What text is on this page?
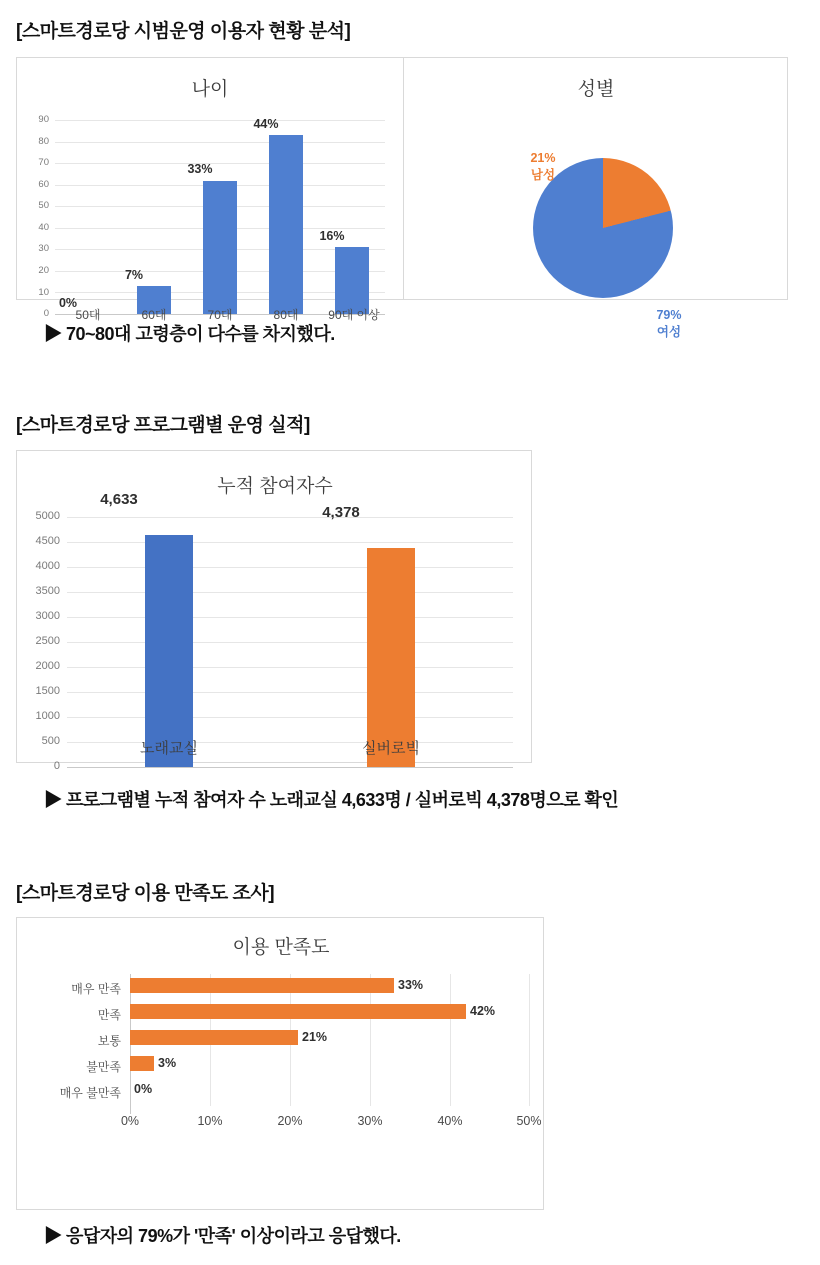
[스마트경로당 시범운영 이용자 현황 분석]
나이
90
80
70
60
50
40
30
20
10
0
0%
7%
33%
44%
16%
50대	60대	70대	80대	90대 이상
성별
21%
남성
79%
여성
▶ 70~80대 고령층이 다수를 차지했다.
[스마트경로당 프로그램별 운영 실적]
누적 참여자수
5000
4500
4000
3500
3000
2500
2000
1500
1000
500
0
4,633
4,378
노래교실	실버로빅
▶ 프로그램별 누적 참여자 수 노래교실 4,633명 / 실버로빅 4,378명으로 확인
[스마트경로당 이용 만족도 조사]
이용 만족도
매우 만족
만족
보통
불만족
매우 불만족
33%
42%
21%
3%
0%
0%	10%	20%	30%	40%	50%
▶ 응답자의 79%가 '만족' 이상이라고 응답했다.
